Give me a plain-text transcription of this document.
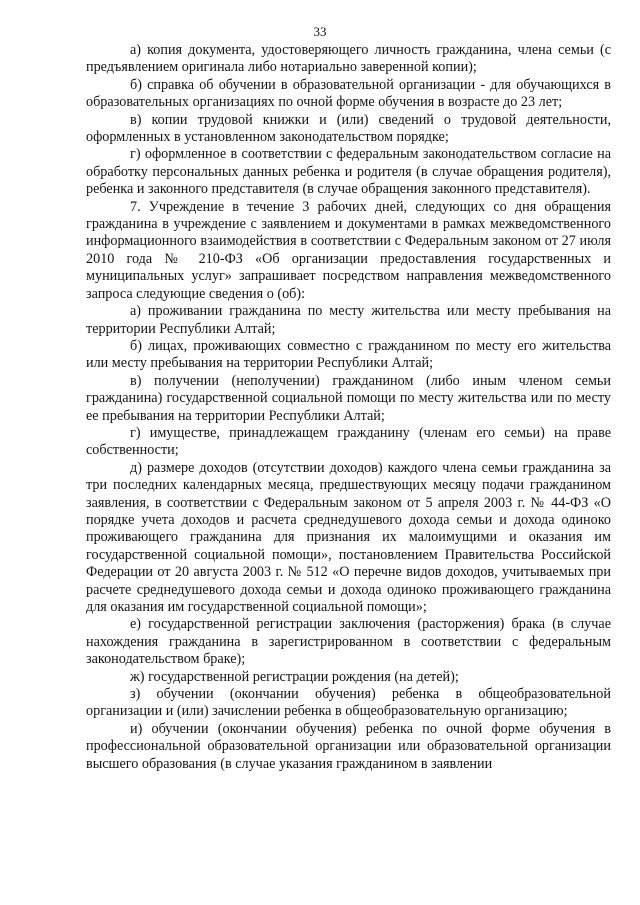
33

а) копия документа, удостоверяющего личность гражданина, члена семьи (с предъявлением оригинала либо нотариально заверенной копии);

б) справка об обучении в образовательной организации - для обучающихся в образовательных организациях по очной форме обучения в возрасте до 23 лет;

в) копии трудовой книжки и (или) сведений о трудовой деятельности, оформленных в установленном законодательством порядке;

г) оформленное в соответствии с федеральным законодательством согласие на обработку персональных данных ребенка и родителя (в случае обращения родителя), ребенка и законного представителя (в случае обращения законного представителя).

7. Учреждение в течение 3 рабочих дней, следующих со дня обращения гражданина в учреждение с заявлением и документами в рамках межведомственного информационного взаимодействия в соответствии с Федеральным законом от 27 июля 2010 года № 210-ФЗ «Об организации предоставления государственных и муниципальных услуг» запрашивает посредством направления межведомственного запроса следующие сведения о (об):

а) проживании гражданина по месту жительства или месту пребывания на территории Республики Алтай;

б) лицах, проживающих совместно с гражданином по месту его жительства или месту пребывания на территории Республики Алтай;

в) получении (неполучении) гражданином (либо иным членом семьи гражданина) государственной социальной помощи по месту жительства или по месту ее пребывания на территории Республики Алтай;

г) имуществе, принадлежащем гражданину (членам его семьи) на праве собственности;

д) размере доходов (отсутствии доходов) каждого члена семьи гражданина за три последних календарных месяца, предшествующих месяцу подачи гражданином заявления, в соответствии с Федеральным законом от 5 апреля 2003 г. № 44-ФЗ «О порядке учета доходов и расчета среднедушевого дохода семьи и дохода одиноко проживающего гражданина для признания их малоимущими и оказания им государственной социальной помощи», постановлением Правительства Российской Федерации от 20 августа 2003 г. № 512 «О перечне видов доходов, учитываемых при расчете среднедушевого дохода семьи и дохода одиноко проживающего гражданина для оказания им государственной социальной помощи»;

е) государственной регистрации заключения (расторжения) брака (в случае нахождения гражданина в зарегистрированном в соответствии с федеральным законодательством браке);

ж) государственной регистрации рождения (на детей);

з) обучении (окончании обучения) ребенка в общеобразовательной организации и (или) зачислении ребенка в общеобразовательную организацию;

и) обучении (окончании обучения) ребенка по очной форме обучения в профессиональной образовательной организации или образовательной организации высшего образования (в случае указания гражданином в заявлении
